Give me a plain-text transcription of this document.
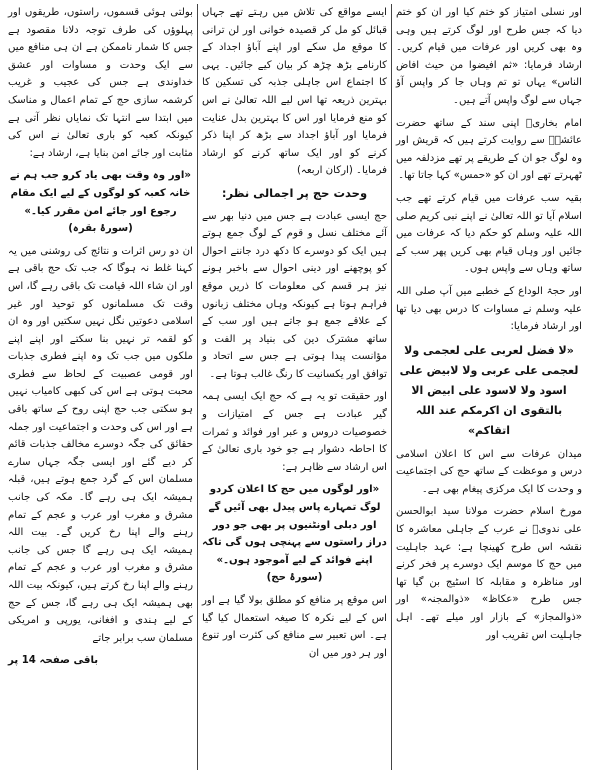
اور نسلی امتیاز کو ختم کیا اور ان کو ختم دیا کہ جس طرح اور لوگ کرتے ہیں وہی وہ بھی کریں اور عرفات میں قیام کریں۔ ارشاد فرمایا: «ثم افیضوا من حیث افاض الناس» یہاں تو تم وہاں جا کر واپس آؤ جہاں سے لوگ واپس آتے ہیں۔

امام بخاریؒ اپنی سند کے ساتھ حضرت عائشہؓ سے روایت کرتے ہیں کہ قریش اور وہ لوگ جو ان کے طریقے پر تھے مزدلفہ میں ٹھہرتے تھے اور ان کو «حمس» کہا جاتا تھا۔

بقیہ سب عرفات میں قیام کرتے تھے جب اسلام آیا تو اللہ تعالیٰ نے اپنے نبی کریم صلی اللہ علیہ وسلم کو حکم دیا کہ عرفات میں جائیں اور وہاں قیام بھی کریں پھر سب کے ساتھ وہاں سے واپس ہوں۔

اور حجۃ الوداع کے خطبے میں آپ صلی اللہ علیہ وسلم نے مساوات کا درس بھی دیا تھا اور ارشاد فرمایا:

«لا فضل لعربی علی لعجمی ولا لعجمی علی عربی ولا لابیض علی اسود ولا لاسود علی ابیض الا بالتقوی ان اکرمکم عند اللہ اتقاکم»

میدان عرفات سے اس کا اعلان اسلامی درس و موعظت کے ساتھ حج کی اجتماعیت و وحدت کا ایک مرکزی پیغام بھی ہے۔

مورخ اسلام حضرت مولانا سید ابوالحسن علی ندویؒ نے عرب کے جاہلی معاشرہ کا نقشہ اس طرح کھینچا ہے: عہد جاہلیت میں حج کا موسم ایک دوسرے پر فخر کرنے اور مناظرہ و مقابلہ کا اسٹیج بن گیا تھا جس طرح «عکاظ» «ذوالمجنہ» اور «ذوالمجاز» کے بازار اور میلے تھے۔ اہل جاہلیت اس تقریب اور

ایسے مواقع کی تلاش میں رہتے تھے جہاں قبائل کو مل کر قصیدہ خوانی اور لن ترانی کا موقع مل سکے اور اپنے آباؤ اجداد کے کارنامے بڑھ چڑھ کر بیان کیے جائیں۔ یہی کا اجتماع اس جاہلی جذبہ کی تسکین کا بہترین ذریعہ تھا اس لیے اللہ تعالیٰ نے اس کو منع فرمایا اور اس کا بہترین بدل عنایت فرمایا اور آباؤ اجداد سے بڑھ کر اپنا ذکر کرنے کو اور ایک ساتھ کرنے کو ارشاد فرمایا۔ (ارکان اربعہ)

وحدت حج پر اجمالی نظر:

حج ایسی عبادت ہے جس میں دنیا بھر سے آئے مختلف نسل و قوم کے لوگ جمع ہوتے ہیں ایک کو دوسرے کا دکھ درد جاننے احوال کو پوچھنے اور دینی احوال سے باخبر ہونے نیز ہر قسم کی معلومات کا ذریں موقع فراہم ہوتا ہے کیونکہ وہاں مختلف زبانوں کے علاقے جمع ہو جاتے ہیں اور سب کے ساتھ مشترک دین کی بنیاد پر الفت و مؤانست پیدا ہوتی ہے جس سے اتحاد و توافق اور یکسانیت کا رنگ غالب ہوتا ہے۔

اور حقیقت تو یہ ہے کہ حج ایک ایسی ہمہ گیر عبادت ہے جس کے امتیازات و خصوصیات دروس و عبر اور فوائد و ثمرات کا احاطہ دشوار ہے جو خود باری تعالیٰ کے اس ارشاد سے ظاہر ہے:

«اور لوگوں میں حج کا اعلان کردو لوگ تمہارے پاس پیدل بھی آئیں گے اور دبلی اونٹنیوں پر بھی جو دور دراز راستوں سے پہنچی ہوں گی تاکہ اپنے فوائد کے لیے آموجود ہوں۔» (سورۂ حج)

اس موقع پر منافع کو مطلق بولا گیا ہے اور اس کے لیے نکرہ کا صیغہ استعمال کیا گیا ہے۔ اس تعبیر سے منافع کی کثرت اور تنوع اور ہر دور میں ان

بولتی ہوئی قسموں، راستوں، طریقوں اور پہلوؤں کی طرف توجہ دلانا مقصود ہے جس کا شمار ناممکن ہے ان ہی منافع میں سے ایک وحدت و مساوات اور عشق خداوندی ہے جس کی عجیب و غریب کرشمہ سازی حج کے تمام اعمال و مناسک میں ابتدا سے انتہا تک نمایاں نظر آتی ہے کیونکہ کعبہ کو باری تعالیٰ نے اس کی مثابت اور جائے امن بنایا ہے، ارشاد ہے:

«اور وہ وقت بھی یاد کرو جب ہم نے خانہ کعبہ کو لوگوں کے لیے ایک مقام رجوع اور جائے امن مقرر کیا۔» (سورۂ بقرہ)

ان دو رس اثرات و نتائج کی روشنی میں یہ کہنا غلط نہ ہوگا کہ جب تک حج باقی ہے اور ان شاء اللہ قیامت تک باقی رہے گا، اس وقت تک مسلمانوں کو توحید اور غیر اسلامی دعوتیں نگل نہیں سکتیں اور وہ ان کو لقمہ تر نہیں بنا سکتے اور اپنے اپنے ملکوں میں جب تک وہ اپنے فطری جذبات اور قومی عصبیت کے لحاظ سے فطری محبت ہوتی ہے اس کی کبھی کامیاب نہیں ہو سکتی جب حج اپنی روح کے ساتھ باقی ہے اور اس کی وحدت و اجتماعیت اور جملہ حقائق کی جگہ دوسرے مخالف جذبات قائم کر دیے گئے اور ایسی جگہ جہاں سارے مسلمان اس کے گرد جمع ہوتے ہیں، قبلہ ہمیشہ ایک ہی رہے گا۔ مکہ کی جانب مشرق و مغرب اور عرب و عجم کے تمام رہنے والے اپنا رخ کریں گے۔ بیت اللہ ہمیشہ ایک ہی رہے گا جس کی جانب مشرق و مغرب اور عرب و عجم کے تمام رہنے والے اپنا رخ کرتے ہیں، کیونکہ بیت اللہ بھی ہمیشہ ایک ہی رہے گا، جس کے حج کے لیے ہندی و افغانی، یورپی و امریکی مسلمان سب برابر جاتے

باقی صفحہ 14 پر
